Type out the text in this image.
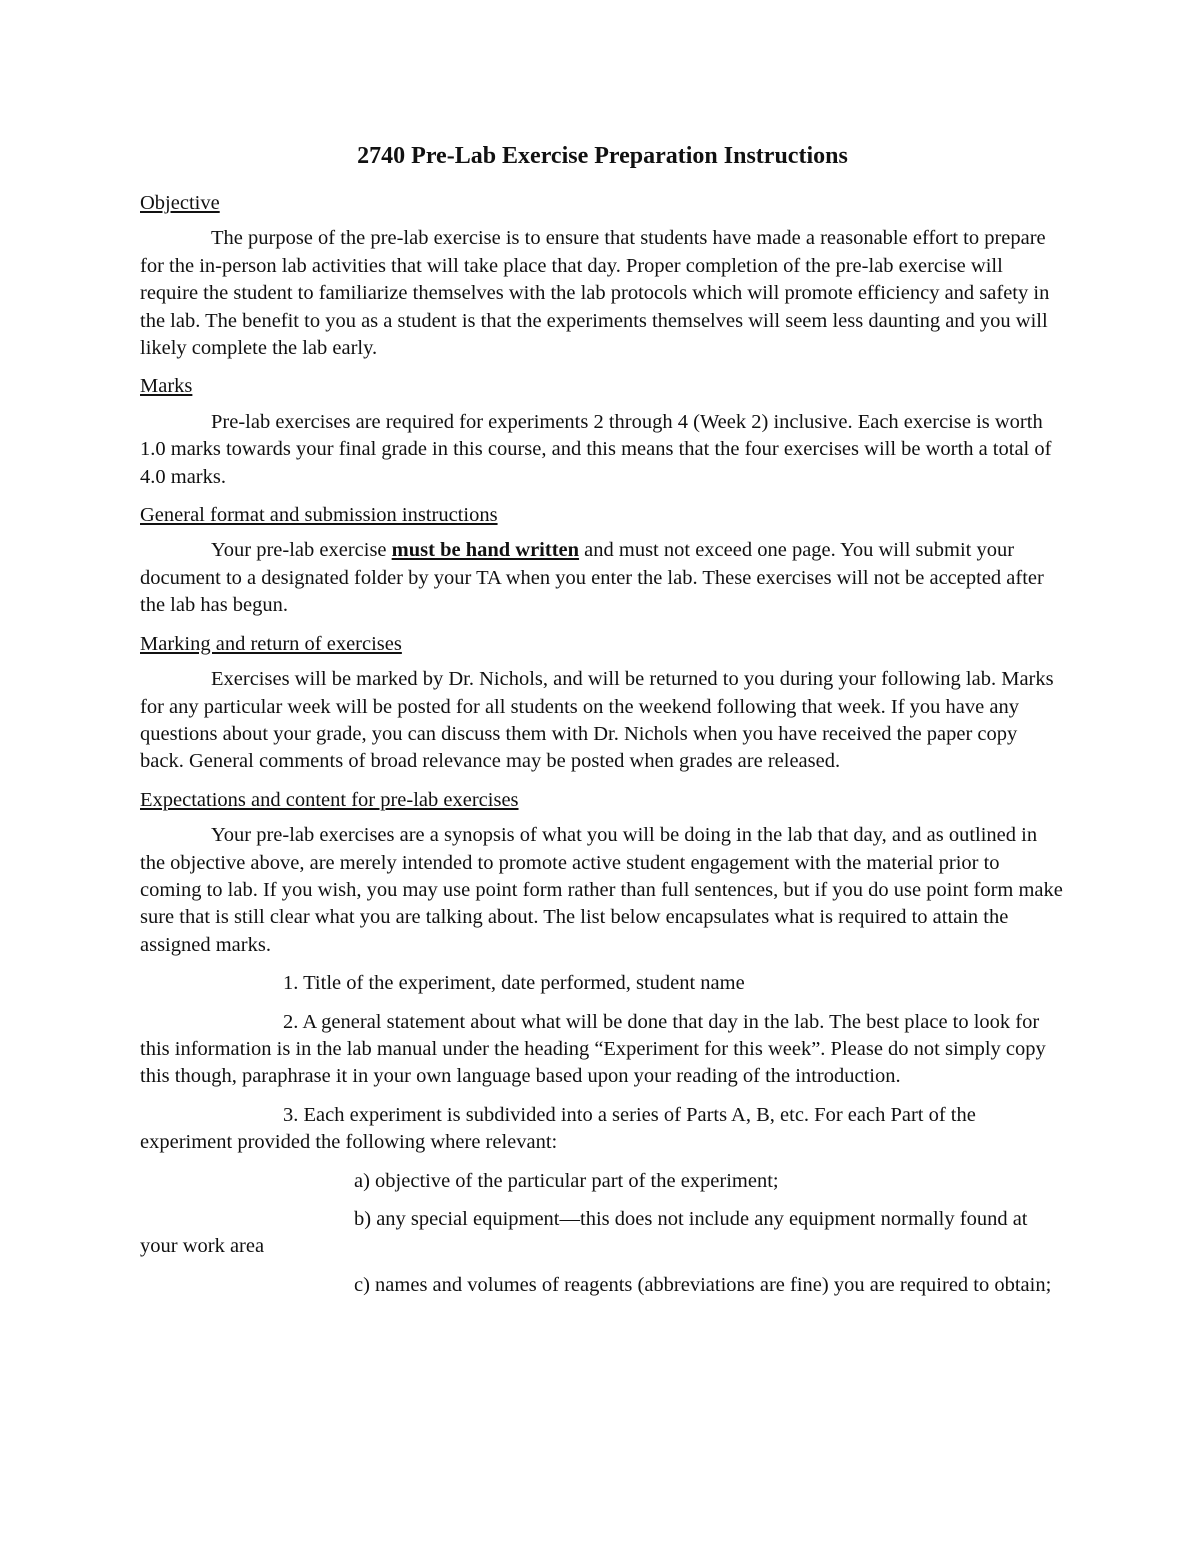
2740 Pre-Lab Exercise Preparation Instructions
Objective
The purpose of the pre-lab exercise is to ensure that students have made a reasonable effort to prepare for the in-person lab activities that will take place that day. Proper completion of the pre-lab exercise will require the student to familiarize themselves with the lab protocols which will promote efficiency and safety in the lab. The benefit to you as a student is that the experiments themselves will seem less daunting and you will likely complete the lab early.
Marks
Pre-lab exercises are required for experiments 2 through 4 (Week 2) inclusive. Each exercise is worth 1.0 marks towards your final grade in this course, and this means that the four exercises will be worth a total of 4.0 marks.
General format and submission instructions
Your pre-lab exercise must be hand written and must not exceed one page. You will submit your document to a designated folder by your TA when you enter the lab. These exercises will not be accepted after the lab has begun.
Marking and return of exercises
Exercises will be marked by Dr. Nichols, and will be returned to you during your following lab. Marks for any particular week will be posted for all students on the weekend following that week. If you have any questions about your grade, you can discuss them with Dr. Nichols when you have received the paper copy back. General comments of broad relevance may be posted when grades are released.
Expectations and content for pre-lab exercises
Your pre-lab exercises are a synopsis of what you will be doing in the lab that day, and as outlined in the objective above, are merely intended to promote active student engagement with the material prior to coming to lab. If you wish, you may use point form rather than full sentences, but if you do use point form make sure that is still clear what you are talking about. The list below encapsulates what is required to attain the assigned marks.
1. Title of the experiment, date performed, student name
2. A general statement about what will be done that day in the lab. The best place to look for this information is in the lab manual under the heading “Experiment for this week”. Please do not simply copy this though, paraphrase it in your own language based upon your reading of the introduction.
3. Each experiment is subdivided into a series of Parts A, B, etc. For each Part of the experiment provided the following where relevant:
a) objective of the particular part of the experiment;
b) any special equipment—this does not include any equipment normally found at your work area
c) names and volumes of reagents (abbreviations are fine) you are required to obtain;
